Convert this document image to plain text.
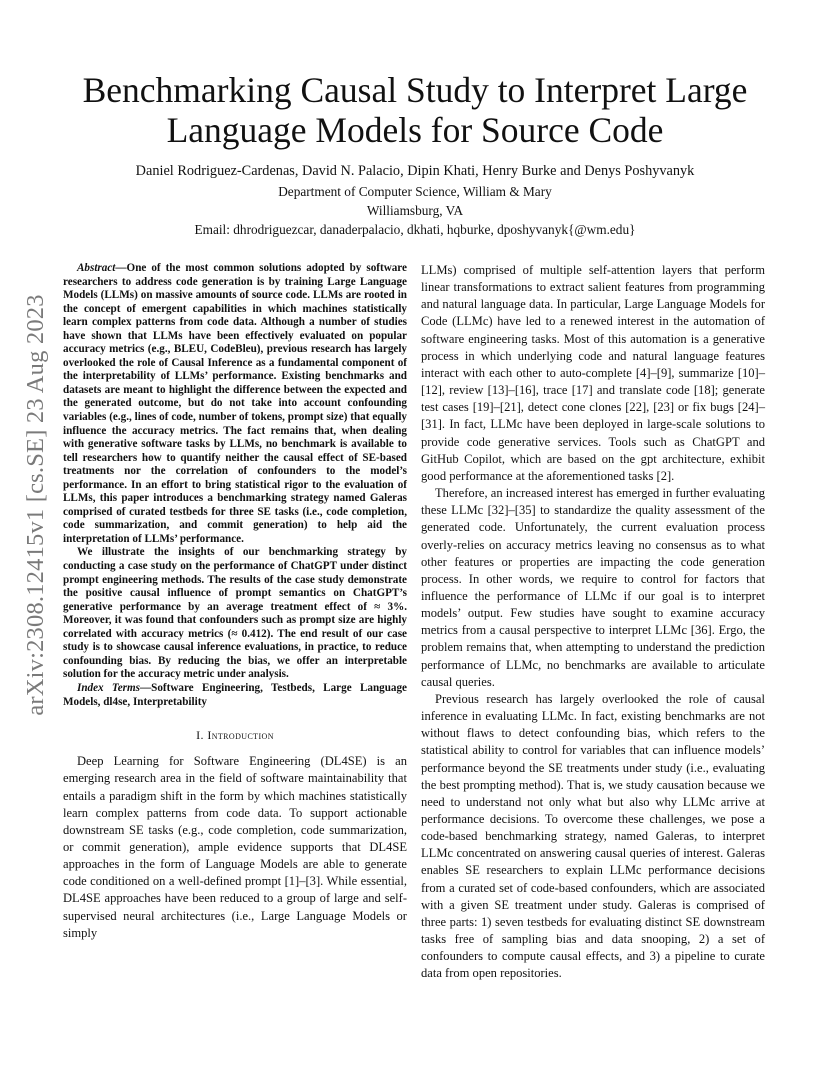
arXiv:2308.12415v1 [cs.SE] 23 Aug 2023
Benchmarking Causal Study to Interpret Large
Language Models for Source Code
Daniel Rodriguez-Cardenas, David N. Palacio, Dipin Khati, Henry Burke and Denys Poshyvanyk
Department of Computer Science, William & Mary
Williamsburg, VA
Email: dhrodriguezcar, danaderpalacio, dkhati, hqburke, dposhyvanyk{@wm.edu}

Abstract—One of the most common solutions adopted by software researchers to address code generation is by training Large Language Models (LLMs) on massive amounts of source code. LLMs are rooted in the concept of emergent capabilities in which machines statistically learn complex patterns from code data. Although a number of studies have shown that LLMs have been effectively evaluated on popular accuracy metrics (e.g., BLEU, CodeBleu), previous research has largely overlooked the role of Causal Inference as a fundamental component of the interpretability of LLMs’ performance. Existing benchmarks and datasets are meant to highlight the difference between the expected and the generated outcome, but do not take into account confounding variables (e.g., lines of code, number of tokens, prompt size) that equally influence the accuracy metrics. The fact remains that, when dealing with generative software tasks by LLMs, no benchmark is available to tell researchers how to quantify neither the causal effect of SE-based treatments nor the correlation of confounders to the model’s performance. In an effort to bring statistical rigor to the evaluation of LLMs, this paper introduces a benchmarking strategy named Galeras comprised of curated testbeds for three SE tasks (i.e., code completion, code summarization, and commit generation) to help aid the interpretation of LLMs’ performance.

We illustrate the insights of our benchmarking strategy by conducting a case study on the performance of ChatGPT under distinct prompt engineering methods. The results of the case study demonstrate the positive causal influence of prompt semantics on ChatGPT’s generative performance by an average treatment effect of ≈ 3%. Moreover, it was found that confounders such as prompt size are highly correlated with accuracy metrics (≈ 0.412). The end result of our case study is to showcase causal inference evaluations, in practice, to reduce confounding bias. By reducing the bias, we offer an interpretable solution for the accuracy metric under analysis.

Index Terms—Software Engineering, Testbeds, Large Language Models, dl4se, Interpretability

I. Introduction

Deep Learning for Software Engineering (DL4SE) is an emerging research area in the field of software maintainability that entails a paradigm shift in the form by which machines statistically learn complex patterns from code data. To support actionable downstream SE tasks (e.g., code completion, code summarization, or commit generation), ample evidence supports that DL4SE approaches in the form of Language Models are able to generate code conditioned on a well-defined prompt [1]–[3]. While essential, DL4SE approaches have been reduced to a group of large and self-supervised neural architectures (i.e., Large Language Models or simply

LLMs) comprised of multiple self-attention layers that perform linear transformations to extract salient features from programming and natural language data. In particular, Large Language Models for Code (LLMc) have led to a renewed interest in the automation of software engineering tasks. Most of this automation is a generative process in which underlying code and natural language features interact with each other to auto-complete [4]–[9], summarize [10]–[12], review [13]–[16], trace [17] and translate code [18]; generate test cases [19]–[21], detect cone clones [22], [23] or fix bugs [24]–[31]. In fact, LLMc have been deployed in large-scale solutions to provide code generative services. Tools such as ChatGPT and GitHub Copilot, which are based on the gpt architecture, exhibit good performance at the aforementioned tasks [2].

Therefore, an increased interest has emerged in further evaluating these LLMc [32]–[35] to standardize the quality assessment of the generated code. Unfortunately, the current evaluation process overly-relies on accuracy metrics leaving no consensus as to what other features or properties are impacting the code generation process. In other words, we require to control for factors that influence the performance of LLMc if our goal is to interpret models’ output. Few studies have sought to examine accuracy metrics from a causal perspective to interpret LLMc [36]. Ergo, the problem remains that, when attempting to understand the prediction performance of LLMc, no benchmarks are available to articulate causal queries.

Previous research has largely overlooked the role of causal inference in evaluating LLMc. In fact, existing benchmarks are not without flaws to detect confounding bias, which refers to the statistical ability to control for variables that can influence models’ performance beyond the SE treatments under study (i.e., evaluating the best prompting method). That is, we study causation because we need to understand not only what but also why LLMc arrive at performance decisions. To overcome these challenges, we pose a code-based benchmarking strategy, named Galeras, to interpret LLMc concentrated on answering causal queries of interest. Galeras enables SE researchers to explain LLMc performance decisions from a curated set of code-based confounders, which are associated with a given SE treatment under study. Galeras is comprised of three parts: 1) seven testbeds for evaluating distinct SE downstream tasks free of sampling bias and data snooping, 2) a set of confounders to compute causal effects, and 3) a pipeline to curate data from open repositories.
